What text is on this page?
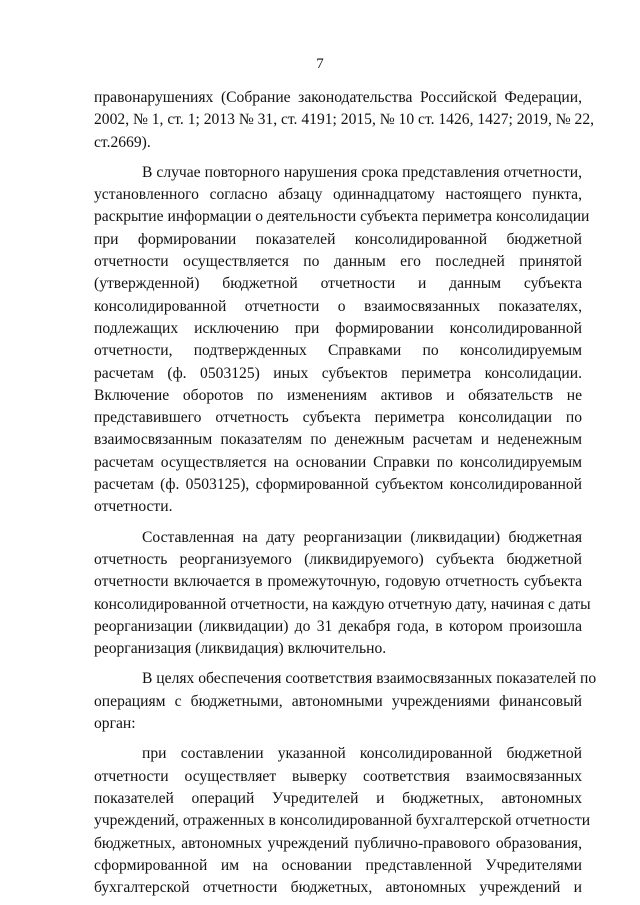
7
правонарушениях (Собрание законодательства Российской Федерации,
2002, № 1, ст. 1; 2013 № 31, ст. 4191; 2015, № 10 ст. 1426, 1427; 2019, № 22,
ст.2669).
В случае повторного нарушения срока представления отчетности,
установленного согласно абзацу одиннадцатому настоящего пункта,
раскрытие информации о деятельности субъекта периметра консолидации
при формировании показателей консолидированной бюджетной
отчетности осуществляется по данным его последней принятой
(утвержденной) бюджетной отчетности и данным субъекта
консолидированной отчетности о взаимосвязанных показателях,
подлежащих исключению при формировании консолидированной
отчетности, подтвержденных Справками по консолидируемым
расчетам (ф. 0503125) иных субъектов периметра консолидации.
Включение оборотов по изменениям активов и обязательств не
представившего отчетность субъекта периметра консолидации по
взаимосвязанным показателям по денежным расчетам и неденежным
расчетам осуществляется на основании Справки по консолидируемым
расчетам (ф. 0503125), сформированной субъектом консолидированной
отчетности.
Составленная на дату реорганизации (ликвидации) бюджетная
отчетность реорганизуемого (ликвидируемого) субъекта бюджетной
отчетности включается в промежуточную, годовую отчетность субъекта
консолидированной отчетности, на каждую отчетную дату, начиная с даты
реорганизации (ликвидации) до 31 декабря года, в котором произошла
реорганизация (ликвидация) включительно.
В целях обеспечения соответствия взаимосвязанных показателей по
операциям с бюджетными, автономными учреждениями финансовый
орган:
при составлении указанной консолидированной бюджетной
отчетности осуществляет выверку соответствия взаимосвязанных
показателей операций Учредителей и бюджетных, автономных
учреждений, отраженных в консолидированной бухгалтерской отчетности
бюджетных, автономных учреждений публично-правового образования,
сформированной им на основании представленной Учредителями
бухгалтерской отчетности бюджетных, автономных учреждений и
